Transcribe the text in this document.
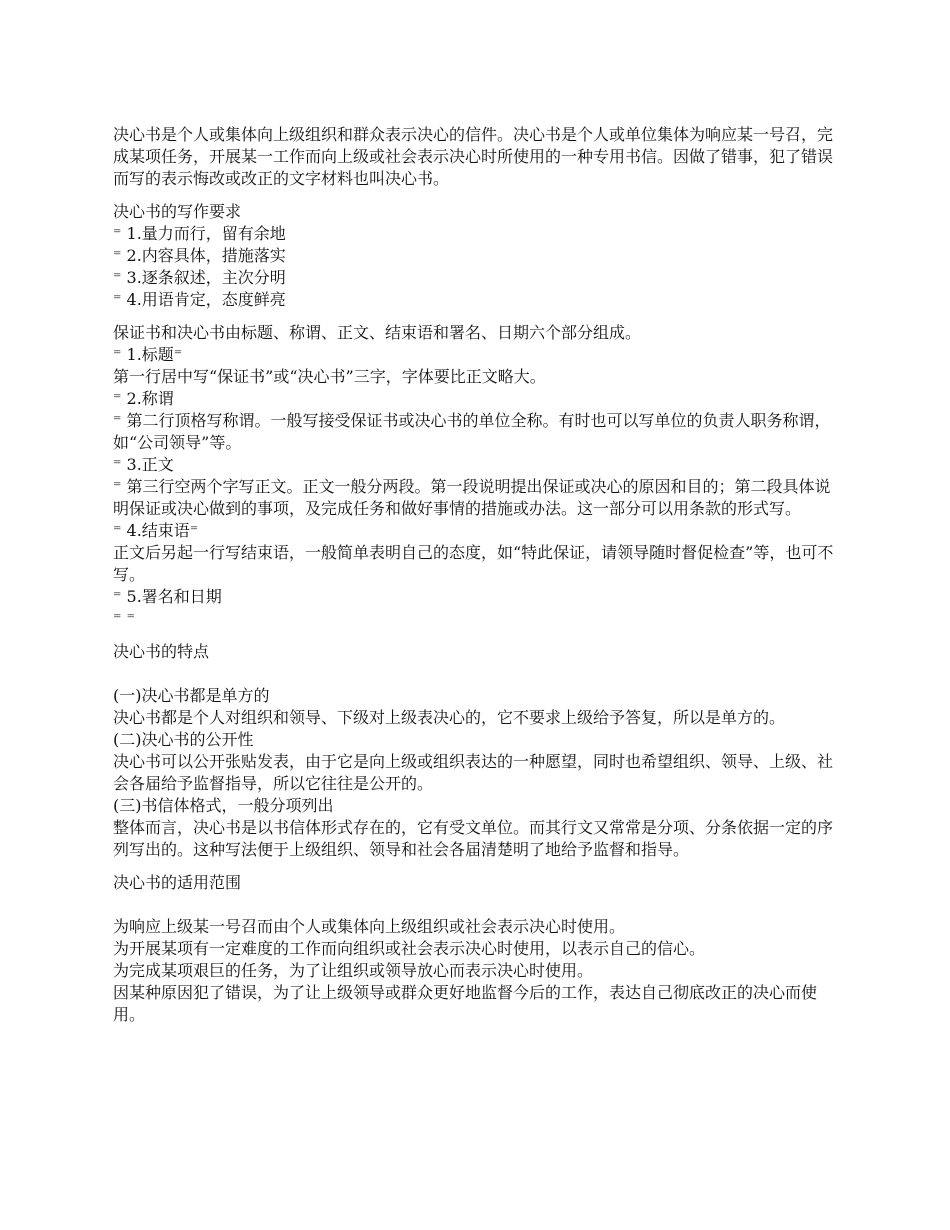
决心书是个人或集体向上级组织和群众表示决心的信件。决心书是个人或单位集体为响应某一号召，完成某项任务，开展某一工作而向上级或社会表示决心时所使用的一种专用书信。因做了错事，犯了错误而写的表示悔改或改正的文字材料也叫决心书。

决心书的写作要求

⁼ 1.量力而行，留有余地

⁼ 2.内容具体，措施落实

⁼ 3.逐条叙述，主次分明

⁼ 4.用语肯定，态度鲜亮

保证书和决心书由标题、称谓、正文、结束语和署名、日期六个部分组成。

⁼ 1.标题⁼

第一行居中写“保证书”或“决心书”三字，字体要比正文略大。

⁼ 2.称谓

⁼ 第二行顶格写称谓。一般写接受保证书或决心书的单位全称。有时也可以写单位的负责人职务称谓，如“公司领导”等。

⁼ 3.正文

⁼ 第三行空两个字写正文。正文一般分两段。第一段说明提出保证或决心的原因和目的；第二段具体说明保证或决心做到的事项，及完成任务和做好事情的措施或办法。这一部分可以用条款的形式写。

⁼ 4.结束语⁼

正文后另起一行写结束语，一般简单表明自己的态度，如“特此保证，请领导随时督促检查”等，也可不写。

⁼ 5.署名和日期

⁼ ⁼

决心书的特点

(一)决心书都是单方的

决心书都是个人对组织和领导、下级对上级表决心的，它不要求上级给予答复，所以是单方的。

(二)决心书的公开性

决心书可以公开张贴发表，由于它是向上级或组织表达的一种愿望，同时也希望组织、领导、上级、社会各届给予监督指导，所以它往往是公开的。

(三)书信体格式，一般分项列出

整体而言，决心书是以书信体形式存在的，它有受文单位。而其行文又常常是分项、分条依据一定的序列写出的。这种写法便于上级组织、领导和社会各届清楚明了地给予监督和指导。

决心书的适用范围

为响应上级某一号召而由个人或集体向上级组织或社会表示决心时使用。

为开展某项有一定难度的工作而向组织或社会表示决心时使用，以表示自己的信心。

为完成某项艰巨的任务，为了让组织或领导放心而表示决心时使用。

因某种原因犯了错误，为了让上级领导或群众更好地监督今后的工作，表达自己彻底改正的决心而使用。
